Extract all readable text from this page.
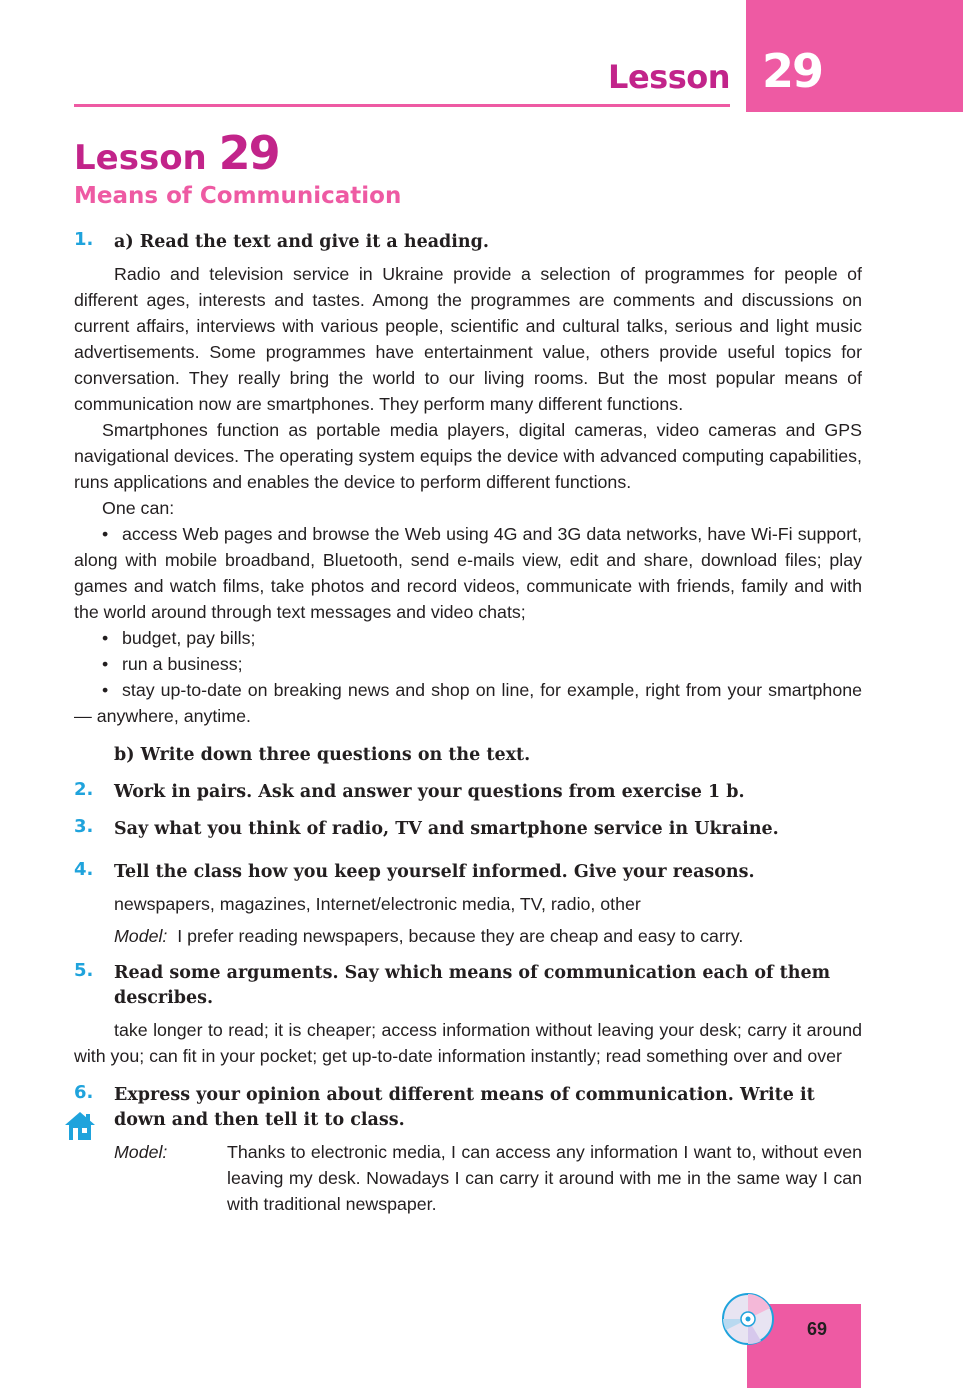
Lesson 29
Lesson 29
Means of Communication
1. a) Read the text and give it a heading.

Radio and television service in Ukraine provide a selection of programmes for people of different ages, interests and tastes. Among the programmes are comments and discussions on current affairs, interviews with various people, scientific and cultural talks, serious and light music advertisements. Some programmes have entertainment value, others provide useful topics for conversation. They really bring the world to our living rooms. But the most popular means of communication now are smartphones. They perform many different functions.

Smartphones function as portable media players, digital cameras, video cameras and GPS navigational devices. The operating system equips the device with advanced computing capabilities, runs applications and enables the device to perform different functions.

One can:

• access Web pages and browse the Web using 4G and 3G data networks, have Wi-Fi support, along with mobile broadband, Bluetooth, send e-mails view, edit and share, download files; play games and watch films, take photos and record videos, communicate with friends, family and with the world around through text messages and video chats;

• budget, pay bills;

• run a business;

• stay up-to-date on breaking news and shop on line, for example, right from your smartphone — anywhere, anytime.

b) Write down three questions on the text.

2. Work in pairs. Ask and answer your questions from exercise 1 b.

3. Say what you think of radio, TV and smartphone service in Ukraine.

4. Tell the class how you keep yourself informed. Give your reasons.

newspapers, magazines, Internet/electronic media, TV, radio, other

Model: I prefer reading newspapers, because they are cheap and easy to carry.

5. Read some arguments. Say which means of communication each of them describes.

take longer to read; it is cheaper; access information without leaving your desk; carry it around with you; can fit in your pocket; get up-to-date information instantly; read something over and over

6. Express your opinion about different means of communication. Write it down and then tell it to class.

Model:	Thanks to electronic media, I can access any information I want to, without even leaving my desk. Nowadays I can carry it around with me in the same way I can with traditional newspaper.
69
